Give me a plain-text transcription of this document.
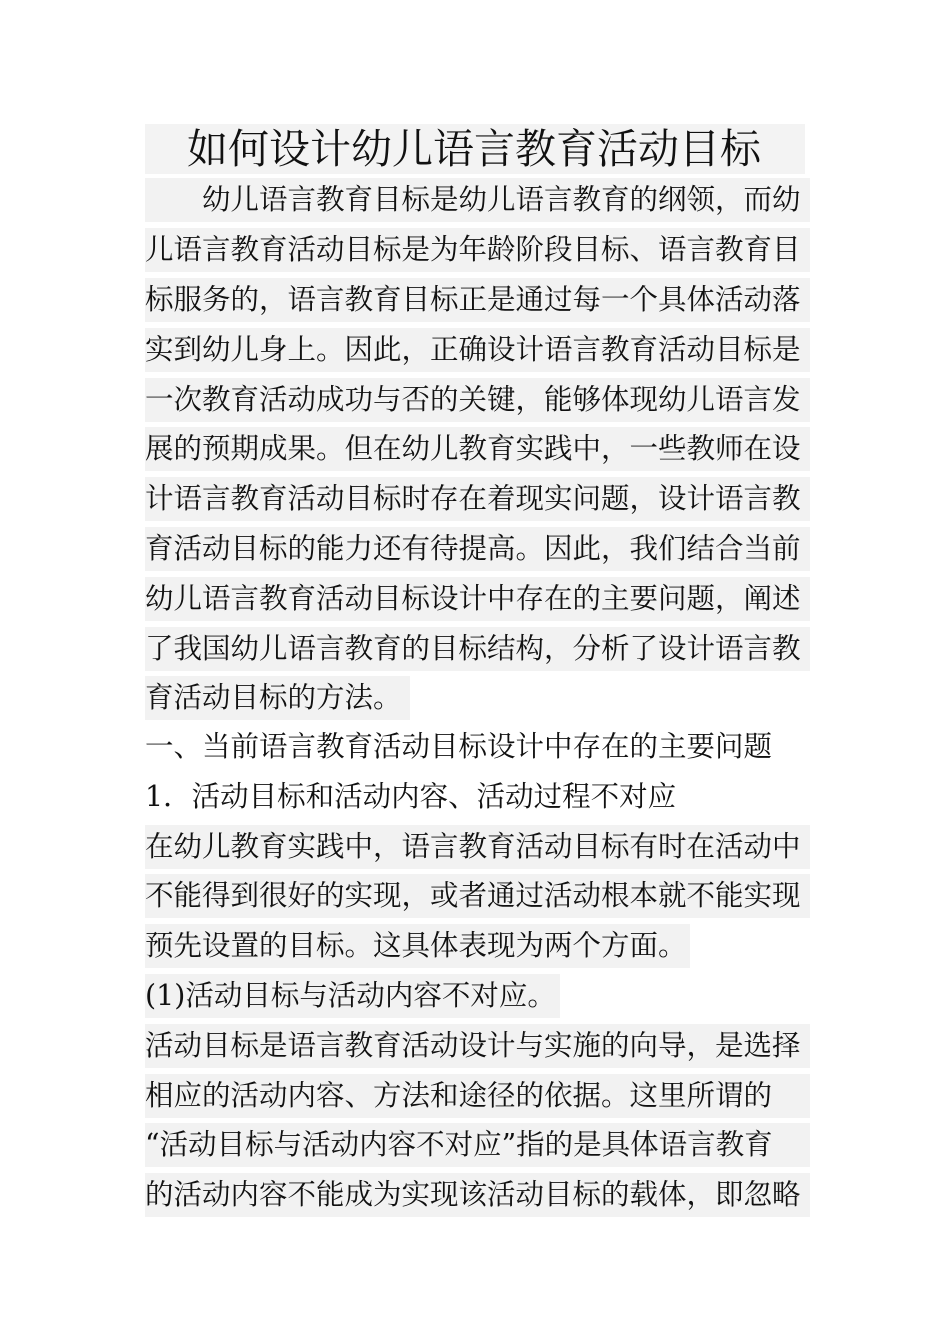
如何设计幼儿语言教育活动目标
　　幼儿语言教育目标是幼儿语言教育的纲领，而幼
儿语言教育活动目标是为年龄阶段目标、语言教育目
标服务的，语言教育目标正是通过每一个具体活动落
实到幼儿身上。因此，正确设计语言教育活动目标是
一次教育活动成功与否的关键，能够体现幼儿语言发
展的预期成果。但在幼儿教育实践中，一些教师在设
计语言教育活动目标时存在着现实问题，设计语言教
育活动目标的能力还有待提高。因此，我们结合当前
幼儿语言教育活动目标设计中存在的主要问题，阐述
了我国幼儿语言教育的目标结构，分析了设计语言教
育活动目标的方法。
一、当前语言教育活动目标设计中存在的主要问题
1．活动目标和活动内容、活动过程不对应
在幼儿教育实践中，语言教育活动目标有时在活动中
不能得到很好的实现，或者通过活动根本就不能实现
预先设置的目标。这具体表现为两个方面。
(1)活动目标与活动内容不对应。
活动目标是语言教育活动设计与实施的向导，是选择
相应的活动内容、方法和途径的依据。这里所谓的
“活动目标与活动内容不对应”指的是具体语言教育
的活动内容不能成为实现该活动目标的载体，即忽略
